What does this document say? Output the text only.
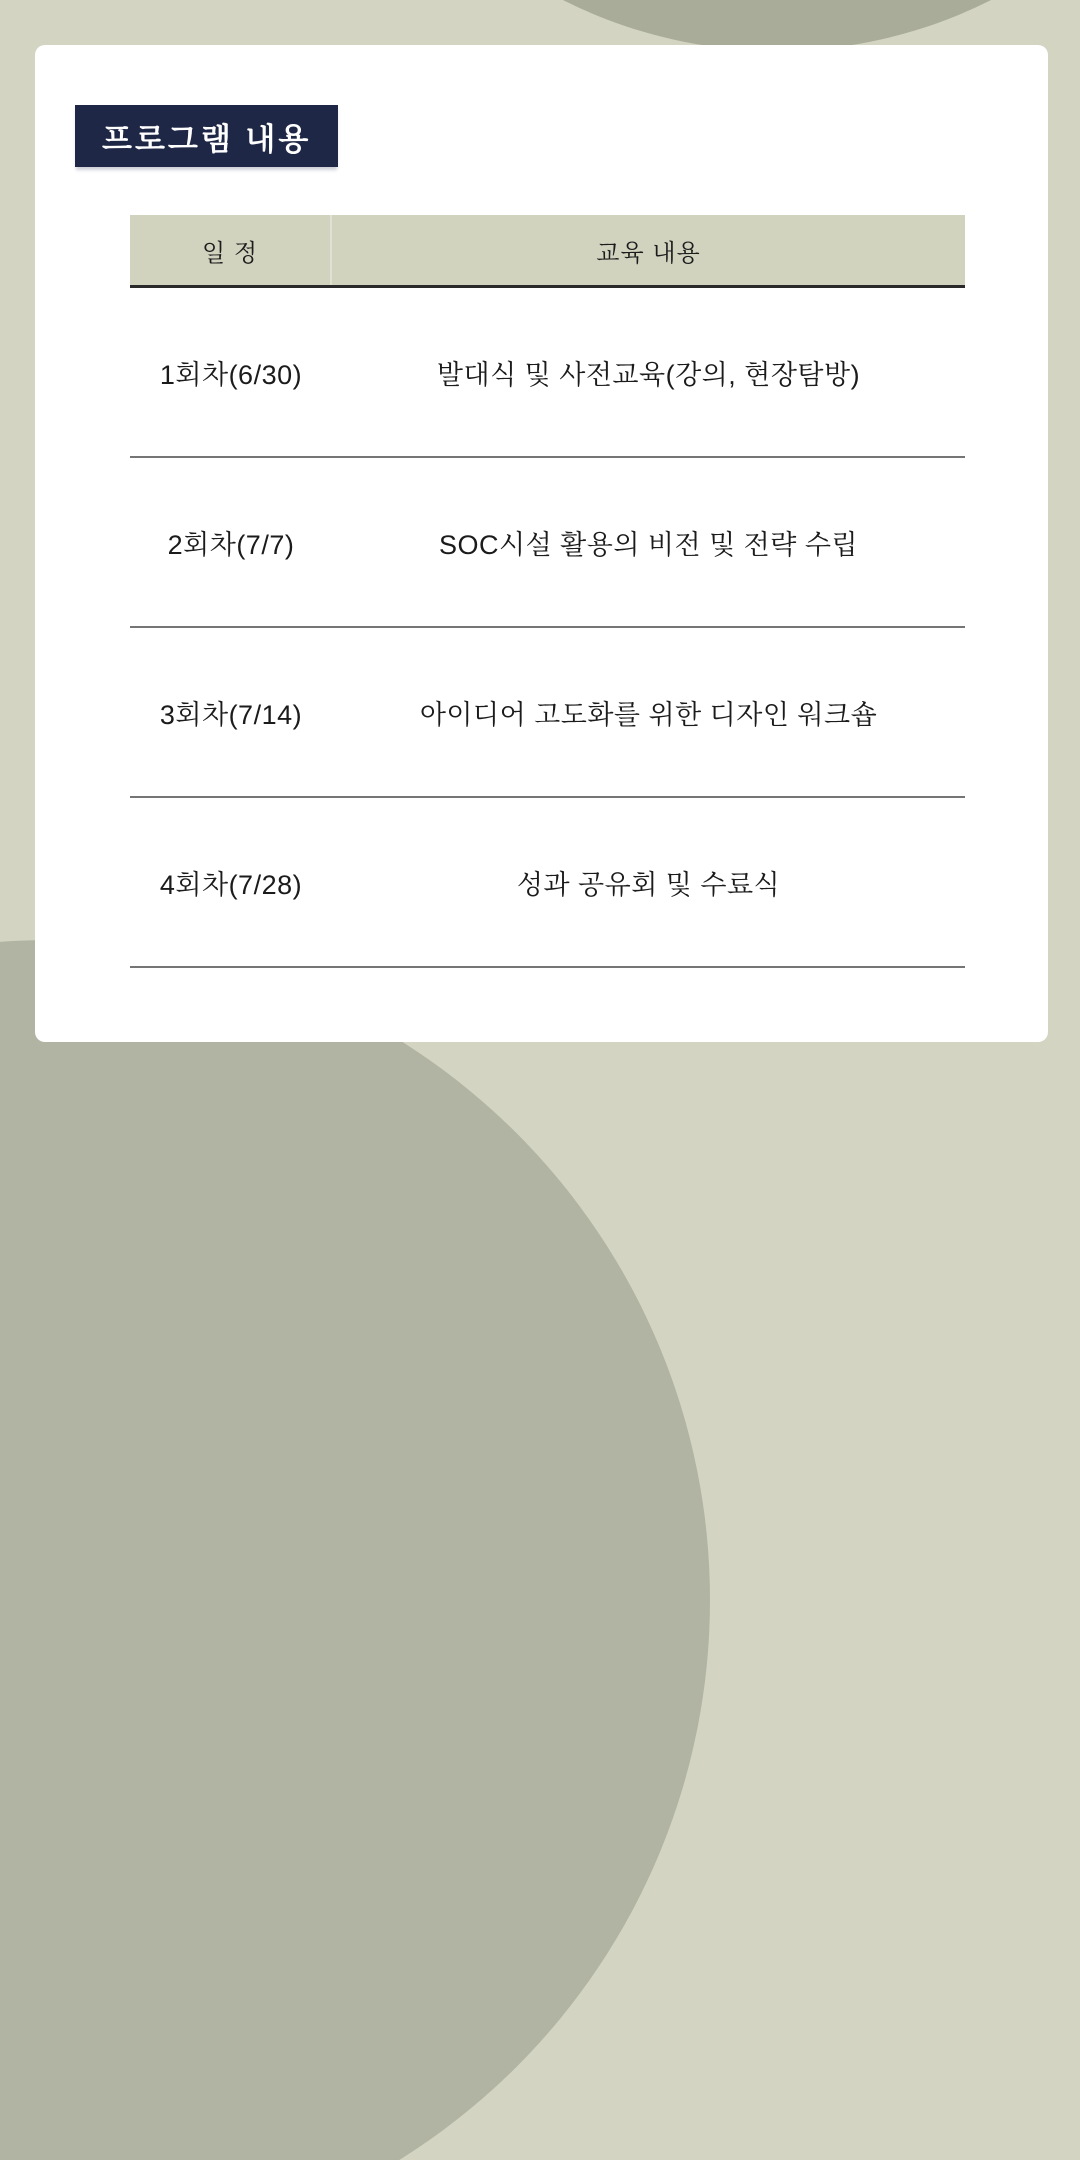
프로그램 내용
일 정	교육 내용
1회차(6/30)	발대식 및 사전교육(강의, 현장탐방)
2회차(7/7)	SOC시설 활용의 비전 및 전략 수립
3회차(7/14)	아이디어 고도화를 위한 디자인 워크숍
4회차(7/28)	성과 공유회 및 수료식
